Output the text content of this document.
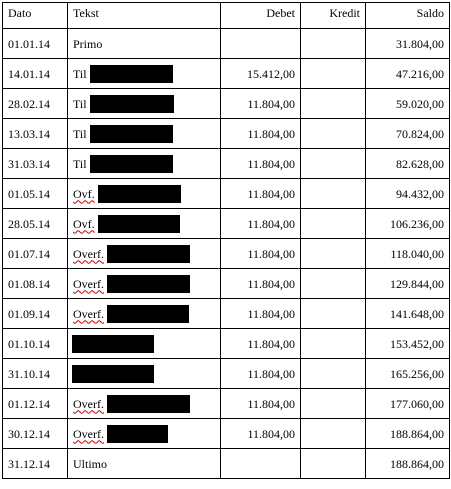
Dato	Tekst	Debet	Kredit	Saldo
01.01.14	Primo			31.804,00
14.01.14	Til	15.412,00		47.216,00
28.02.14	Til	11.804,00		59.020,00
13.03.14	Til	11.804,00		70.824,00
31.03.14	Til	11.804,00		82.628,00
01.05.14	Ovf.	11.804,00		94.432,00
28.05.14	Ovf.	11.804,00		106.236,00
01.07.14	Overf.	11.804,00		118.040,00
01.08.14	Overf.	11.804,00		129.844,00
01.09.14	Overf.	11.804,00		141.648,00
01.10.14		11.804,00		153.452,00
31.10.14		11.804,00		165.256,00
01.12.14	Overf.	11.804,00		177.060,00
30.12.14	Overf.	11.804,00		188.864,00
31.12.14	Ultimo			188.864,00
